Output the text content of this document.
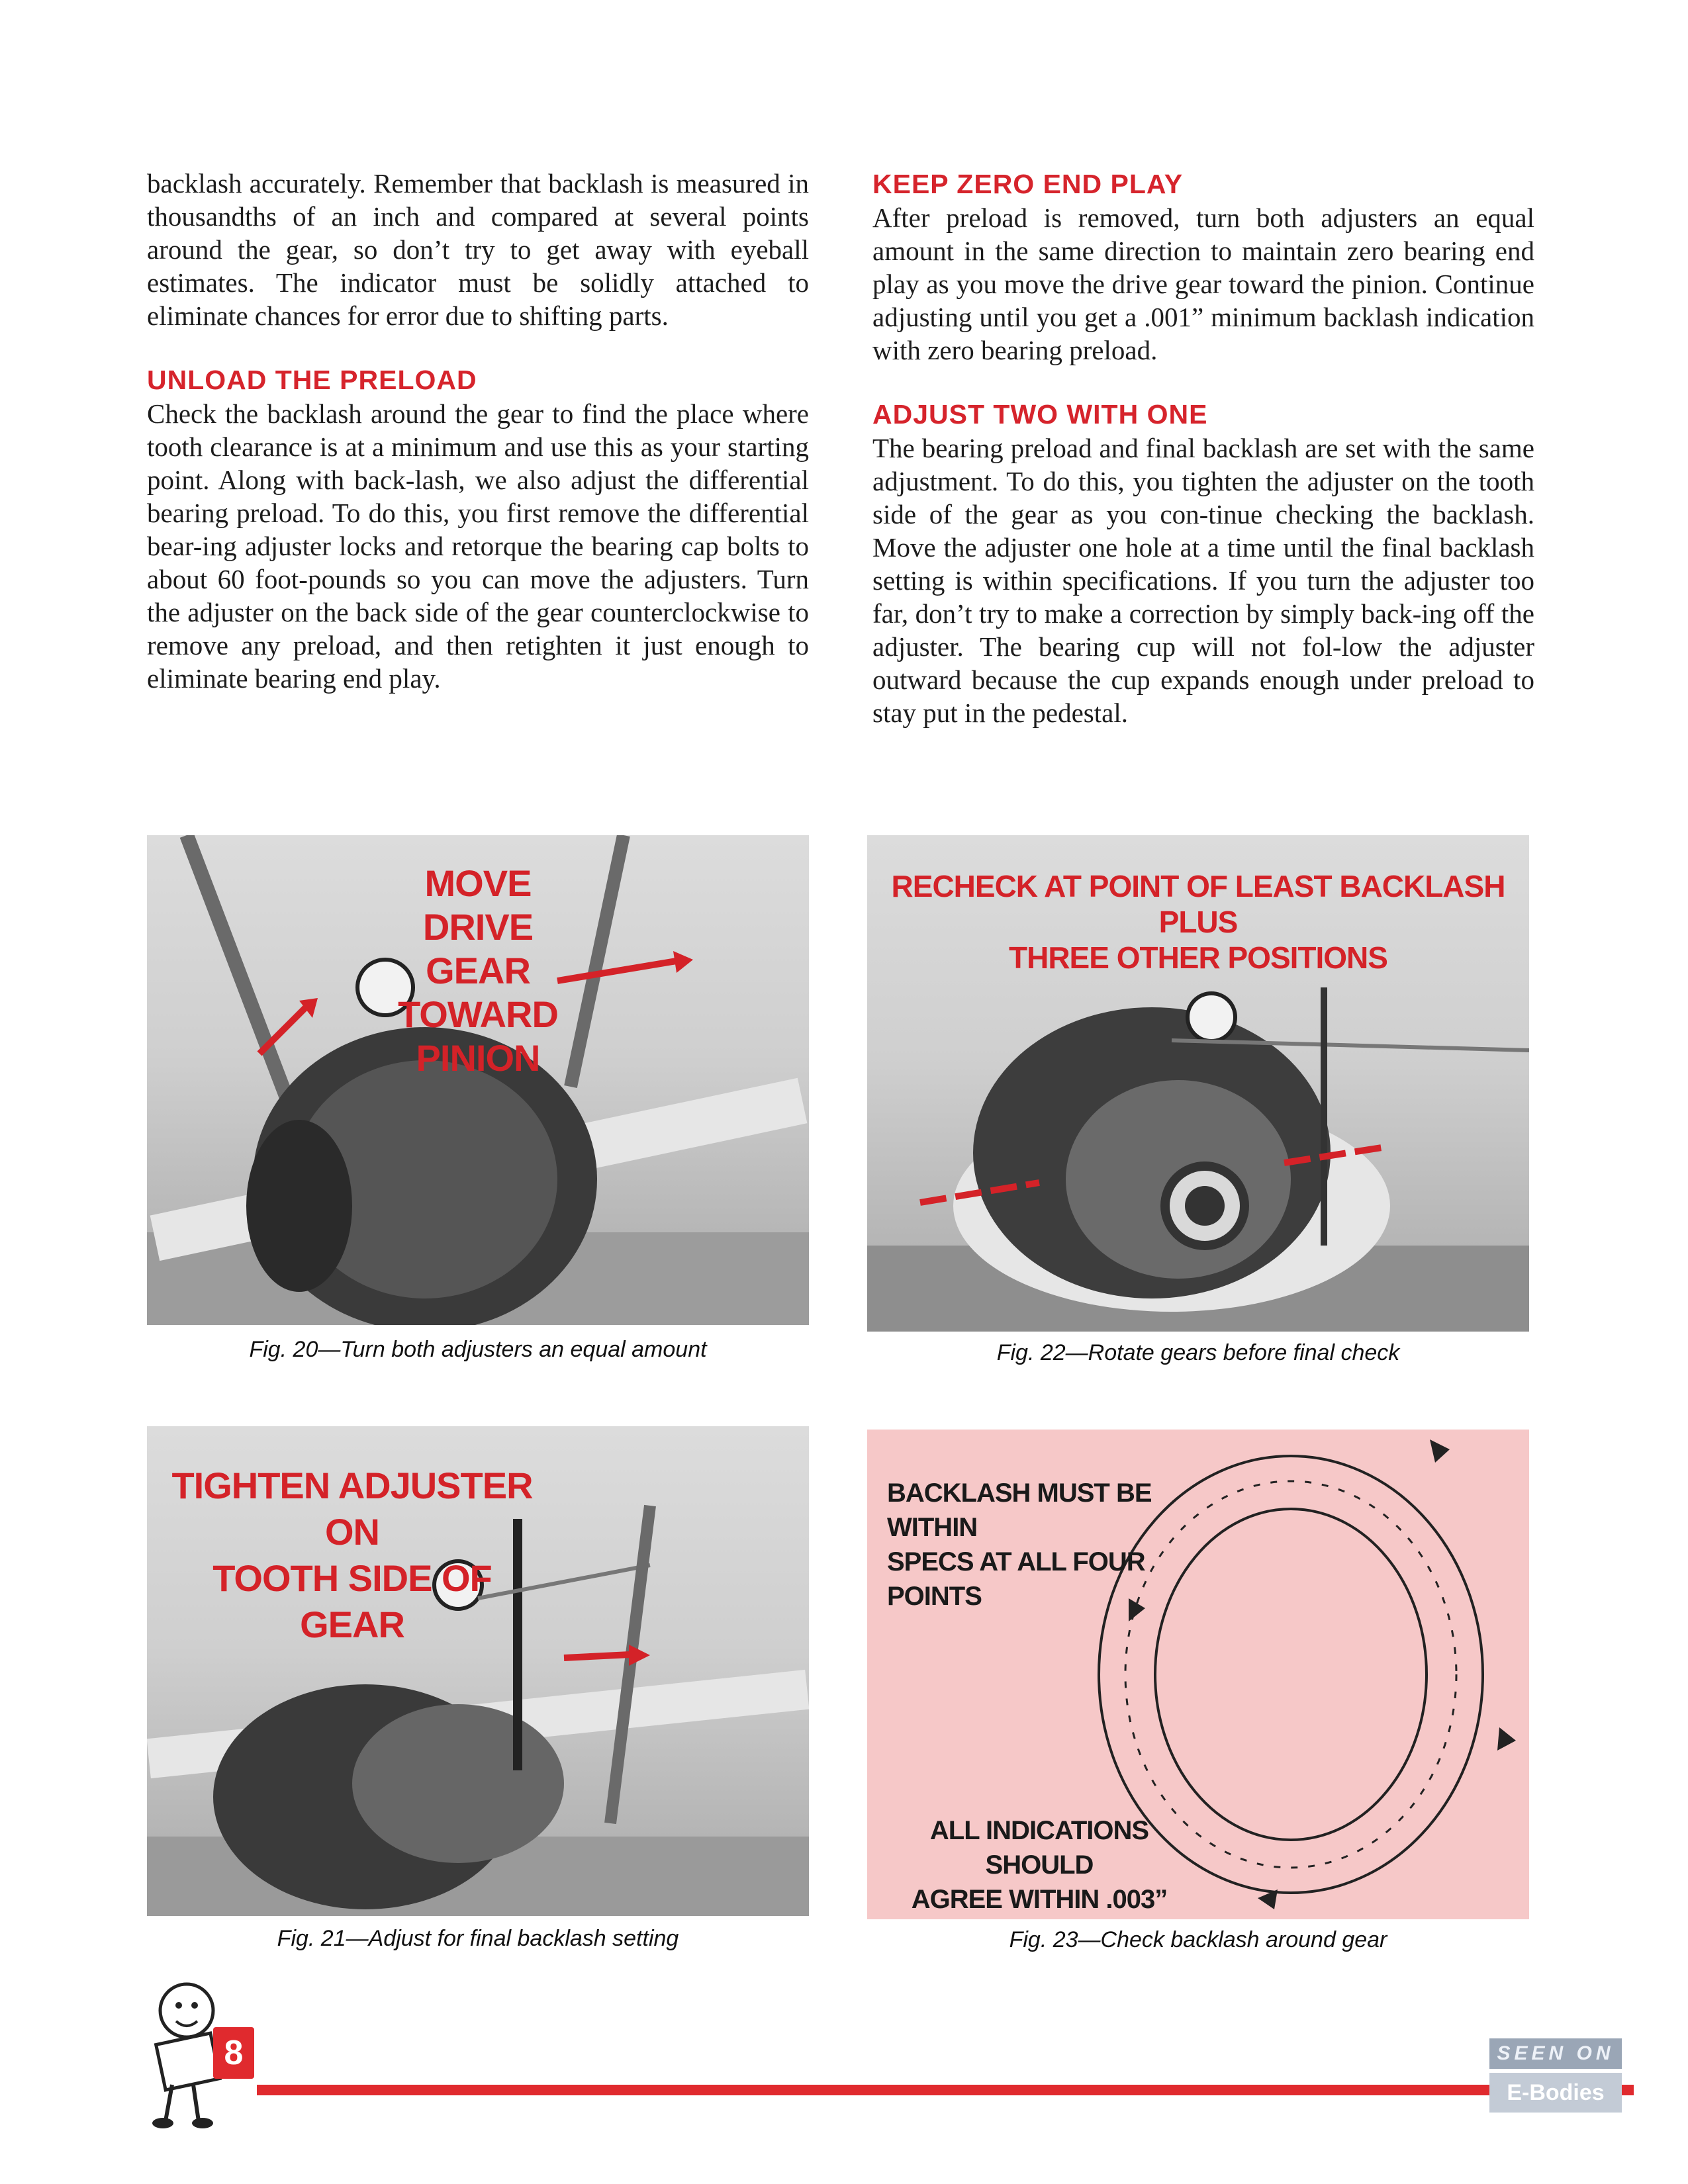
backlash accurately. Remember that backlash is measured in thousandths of an inch and compared at several points around the gear, so don’t try to get away with eyeball estimates. The indicator must be solidly attached to eliminate chances for error due to shifting parts.

UNLOAD THE PRELOAD

Check the backlash around the gear to find the place where tooth clearance is at a minimum and use this as your starting point. Along with back-lash, we also adjust the differential bearing preload. To do this, you first remove the differential bear-ing adjuster locks and retorque the bearing cap bolts to about 60 foot-pounds so you can move the adjusters. Turn the adjuster on the back side of the gear counterclockwise to remove any preload, and then retighten it just enough to eliminate bearing end play.

KEEP ZERO END PLAY

After preload is removed, turn both adjusters an equal amount in the same direction to maintain zero bearing end play as you move the drive gear toward the pinion. Continue adjusting until you get a .001” minimum backlash indication with zero bearing preload.

ADJUST TWO WITH ONE

The bearing preload and final backlash are set with the same adjustment. To do this, you tighten the adjuster on the tooth side of the gear as you con-tinue checking the backlash. Move the adjuster one hole at a time until the final backlash setting is within specifications. If you turn the adjuster too far, don’t try to make a correction by simply back-ing off the adjuster. The bearing cup will not fol-low the adjuster outward because the cup expands enough under preload to stay put in the pedestal.

MOVE DRIVE
GEAR
TOWARD
PINION
Fig. 20—Turn both adjusters an equal amount
RECHECK AT POINT OF LEAST BACKLASH PLUS
THREE OTHER POSITIONS
Fig. 22—Rotate gears before final check
TIGHTEN ADJUSTER ON
TOOTH SIDE OF GEAR
Fig. 21—Adjust for final backlash setting
BACKLASH MUST BE WITHIN
SPECS AT ALL FOUR POINTS
ALL INDICATIONS SHOULD
AGREE WITHIN .003”
Fig. 23—Check backlash around gear
8	SEEN ON
E-Bodies
